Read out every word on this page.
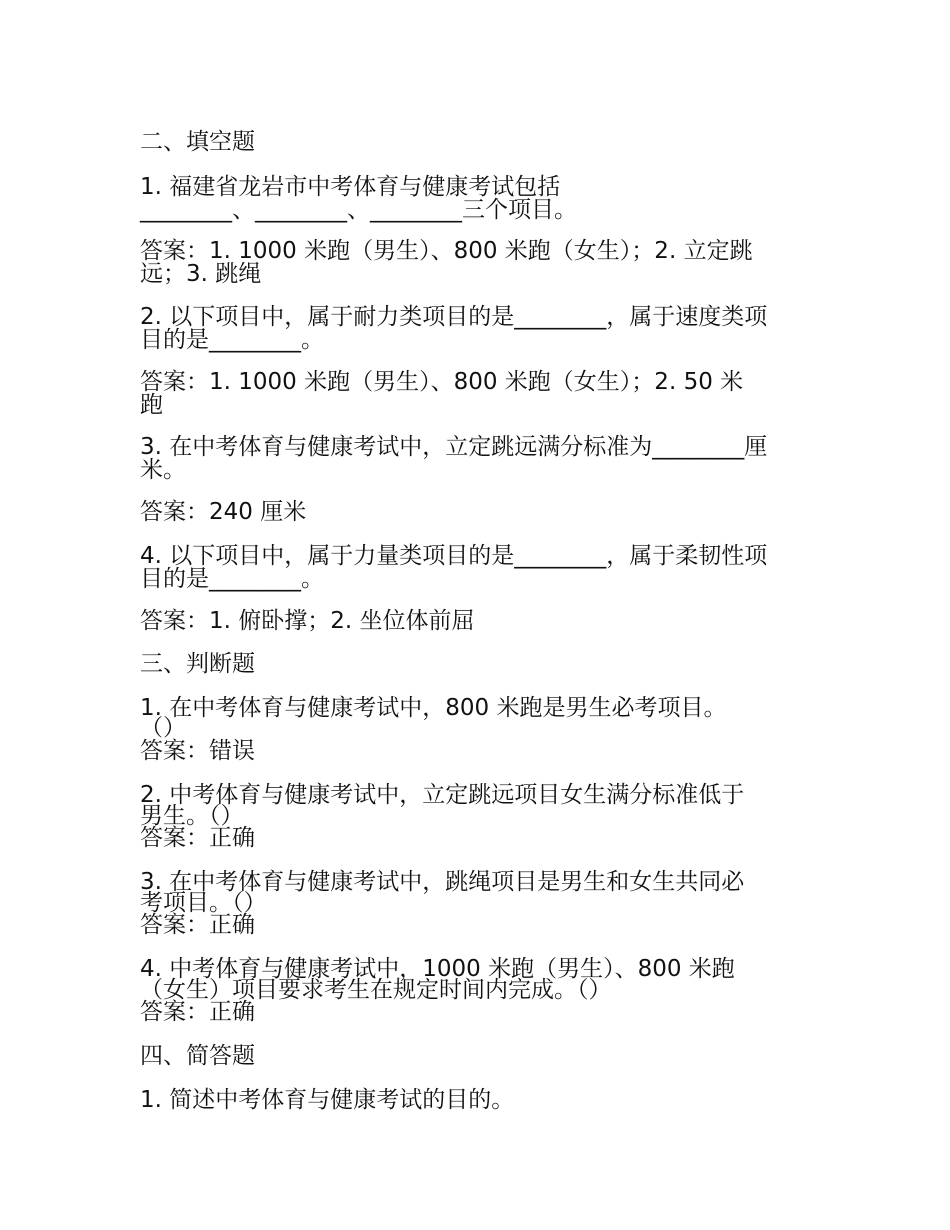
二、填空题
1. 福建省龙岩市中考体育与健康考试包括
________、________、________三个项目。
答案：1. 1000 米跑（男生）、800 米跑（女生）；2. 立定跳
远；3. 跳绳
2. 以下项目中，属于耐力类项目的是________，属于速度类项
目的是________。
答案：1. 1000 米跑（男生）、800 米跑（女生）；2. 50 米
跑
3. 在中考体育与健康考试中，立定跳远满分标准为________厘
米。
答案：240 厘米
4. 以下项目中，属于力量类项目的是________，属于柔韧性项
目的是________。
答案：1. 俯卧撑；2. 坐位体前屈
三、判断题
1. 在中考体育与健康考试中，800 米跑是男生必考项目。
（）
答案：错误
2. 中考体育与健康考试中，立定跳远项目女生满分标准低于
男生。（）
答案：正确
3. 在中考体育与健康考试中，跳绳项目是男生和女生共同必
考项目。（）
答案：正确
4. 中考体育与健康考试中，1000 米跑（男生）、800 米跑
（女生）项目要求考生在规定时间内完成。（）
答案：正确
四、简答题
1. 简述中考体育与健康考试的目的。
